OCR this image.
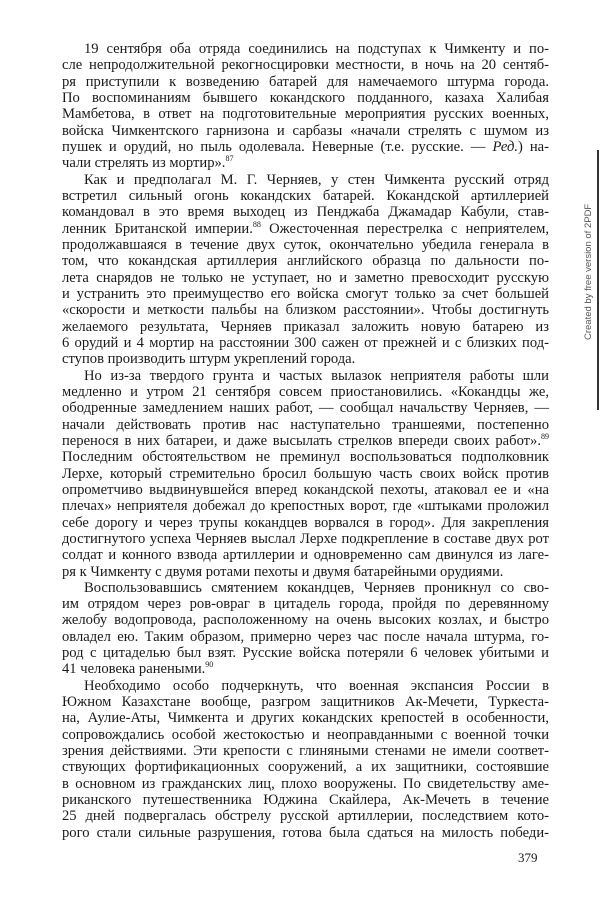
19 сентября оба отряда соединились на подступах к Чимкенту и по-
сле непродолжительной рекогносцировки местности, в ночь на 20 сентяб-
ря приступили к возведению батарей для намечаемого штурма города.
По воспоминаниям бывшего кокандского подданного, казаха Халибая
Мамбетова, в ответ на подготовительные мероприятия русских военных,
войска Чимкентского гарнизона и сарбазы «начали стрелять с шумом из
пушек и орудий, но пыль одолевала. Неверные (т.е. русские. — Ред.) на-
чали стрелять из мортир».$^{87}$
Как и предполагал М. Г. Черняев, у стен Чимкента русский отряд
встретил сильный огонь кокандских батарей. Кокандской артиллерией
командовал в это время выходец из Пенджаба Джамадар Кабули, став-
ленник Британской империи.$^{88}$ Ожесточенная перестрелка с неприятелем,
продолжавшаяся в течение двух суток, окончательно убедила генерала в
том, что кокандская артиллерия английского образца по дальности по-
лета снарядов не только не уступает, но и заметно превосходит русскую
и устранить это преимущество его войска смогут только за счет большей
«скорости и меткости пальбы на близком расстоянии». Чтобы достигнуть
желаемого результата, Черняев приказал заложить новую батарею из
6 орудий и 4 мортир на расстоянии 300 сажен от прежней и с близких под-
ступов производить штурм укреплений города.
Но из-за твердого грунта и частых вылазок неприятеля работы шли
медленно и утром 21 сентября совсем приостановились. «Кокандцы же,
ободренные замедлением наших работ, — сообщал начальству Черняев, —
начали действовать против нас наступательно траншеями, постепенно
перенося в них батареи, и даже высылать стрелков впереди своих работ».$^{89}$
Последним обстоятельством не преминул воспользоваться подполковник
Лерхе, который стремительно бросил большую часть своих войск против
опрометчиво выдвинувшейся вперед кокандской пехоты, атаковал ее и «на
плечах» неприятеля добежал до крепостных ворот, где «штыками проложил
себе дорогу и через трупы кокандцев ворвался в город». Для закрепления
достигнутого успеха Черняев выслал Лерхе подкрепление в составе двух рот
солдат и конного взвода артиллерии и одновременно сам двинулся из лаге-
ря к Чимкенту с двумя ротами пехоты и двумя батарейными орудиями.
Воспользовавшись смятением кокандцев, Черняев проникнул со сво-
им отрядом через ров-овраг в цитадель города, пройдя по деревянному
желобу водопровода, расположенному на очень высоких козлах, и быстро
овладел ею. Таким образом, примерно через час после начала штурма, го-
род с цитаделью был взят. Русские войска потеряли 6 человек убитыми и
41 человека ранеными.$^{90}$
Необходимо особо подчеркнуть, что военная экспансия России в
Южном Казахстане вообще, разгром защитников Ак-Мечети, Туркеста-
на, Аулие-Аты, Чимкента и других кокандских крепостей в особенности,
сопровождались особой жестокостью и неоправданными с военной точки
зрения действиями. Эти крепости с глиняными стенами не имели соответ-
ствующих фортификационных сооружений, а их защитники, состоявшие
в основном из гражданских лиц, плохо вооружены. По свидетельству аме-
риканского путешественника Юджина Скайлера, Ак-Мечеть в течение
25 дней подвергалась обстрелу русской артиллерии, последствием кото-
рого стали сильные разрушения, готова была сдаться на милость победи-
379
Created by free version of 2PDF
